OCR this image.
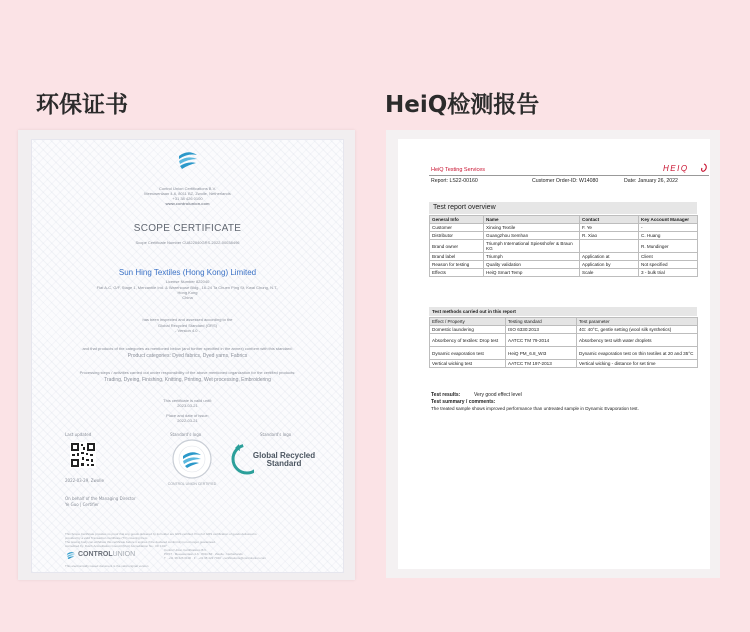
环保证书	HeiQ检测报告
Control Union Certifications B.V.
Meeuwenlaan 4-6, 8011 BZ, Zwolle, Netherlands
+31 38 426 0100
www.controlunion.com
SCOPE CERTIFICATE
Scope Certificate Number CU822040GRS-2022-00038496
Sun Hing Textiles (Hong Kong) Limited
License Number 822040
Flat A-C, G/F, Stage 1, Mercantile Ind. & Warehouse Bldg., 16-24 Ta Chuen Ping St, Kwai Chung, N.T.,
Hong Kong
China
has been inspected and assessed according to the
Global Recycled Standard (GRS)
- Version 4.0 -
and that products of the categories as mentioned below (and further specified in the annex) conform with this standard:
Product categories: Dyed fabrics, Dyed yarns, Fabrics
Processing steps / activities carried out under responsibility of the above mentioned organization for the certified products:
Trading, Dyeing, Finishing, Knitting, Printing, Wet processing, Embroidering
This certificate is valid until:
2023-03-21
Place and date of issue:
2022-03-21
Last updated	Standard's logo	Standard's logo
CONTROL UNION CERTIFIED
Global Recycled
Standard
2022-03-29, Zwolle
On behalf of the Managing Director
Ye Guo | Certifier
This Scope Certificate provides no proof that any goods delivered by its holder are GRS certified. Proof of GRS certification of goods delivered is
provided by a valid Transaction Certificate (TC) covering them.
The issuing body can withdraw this certificate before it expires if the declared conformity is not longer guaranteed.
Accredited by: Dutch Accreditation Council (RvA) Accreditation No.: CF 1017
CONTROLUNION
Control Union Certifications B.V.
POST · Meeuwenlaan 4-6 · 8011 BZ · Zwolle · Netherlands
T · +31 38 426 0100 · F · +31 38 423 7040 · certifications@controlunion.com
This electronically issued document is the valid original version
HeiQ Testing Services	HEIQ
Report: LS22-00160	Customer Order-ID: W14080	Date: January 26, 2022
Test report overview
General Info	Name	Contact	Key Account Manager
Customer	Xinxing Textile	F. Ye	-
Distributor	Guangzhou Semhan	R. Xiao	C. Huang
Brand owner	Triumph International Spiesshofer & Braun KG		R. Mundinger
Brand label	Triumph	Application at	Client
Reason for testing	Quality validation	Application by	Not specified
Effects	HeiQ Smart Temp	Scale	3 - bulk trial
Test methods carried out in this report
Effect / Property	Testing standard	Test parameter
Domestic laundering	ISO 6330:2013	4G: 40°C, gentle setting (wool silk synthetics)
Absorbency of textiles: Drop test	AATCC TM 79-2014	Absorbency test with water droplets
Dynamic evaporation test	HeiQ PM_6.8_WI3	Dynamic evaporation test on thin textiles at 20 and 35°C
Vertical wicking test	AATCC TM 197-2013	Vertical wicking - distance for set time
Test results:	Very good effect level
Test summary / comments:
The treated sample shows improved performance than untreated sample in Dynamic Evaporation test.
